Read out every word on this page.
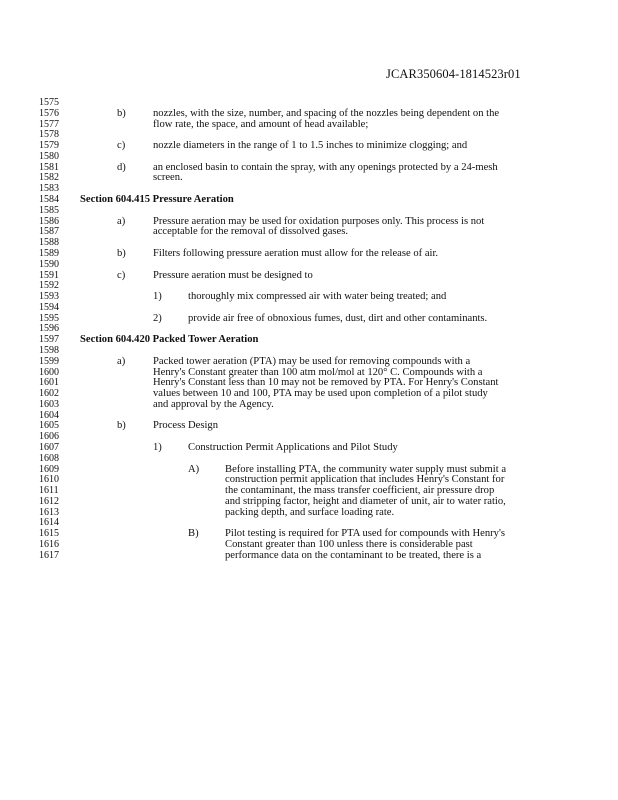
JCAR350604-1814523r01
1575
1576	b)	nozzles, with the size, number, and spacing of the nozzles being dependent on the
1577	flow rate, the space, and amount of head available;
1578
1579	c)	nozzle diameters in the range of 1 to 1.5 inches to minimize clogging; and
1580
1581	d)	an enclosed basin to contain the spray, with any openings protected by a 24-mesh
1582	screen.
1583
1584 Section 604.415 Pressure Aeration
1585
1586	a)	Pressure aeration may be used for oxidation purposes only. This process is not
1587	acceptable for the removal of dissolved gases.
1588
1589	b)	Filters following pressure aeration must allow for the release of air.
1590
1591	c)	Pressure aeration must be designed to
1592
1593	1) thoroughly mix compressed air with water being treated; and
1594
1595	2) provide air free of obnoxious fumes, dust, dirt and other contaminants.
1596
1597 Section 604.420 Packed Tower Aeration
1598
1599	a)	Packed tower aeration (PTA) may be used for removing compounds with a
1600	Henry's Constant greater than 100 atm mol/mol at 120° C. Compounds with a
1601	Henry's Constant less than 10 may not be removed by PTA. For Henry's Constant
1602	values between 10 and 100, PTA may be used upon completion of a pilot study
1603	and approval by the Agency.
1604
1605	b)	Process Design
1606
1607	1) Construction Permit Applications and Pilot Study
1608
1609	A) Before installing PTA, the community water supply must submit a
1610	construction permit application that includes Henry's Constant for
1611	the contaminant, the mass transfer coefficient, air pressure drop
1612	and stripping factor, height and diameter of unit, air to water ratio,
1613	packing depth, and surface loading rate.
1614
1615	B) Pilot testing is required for PTA used for compounds with Henry's
1616	Constant greater than 100 unless there is considerable past
1617	performance data on the contaminant to be treated, there is a
